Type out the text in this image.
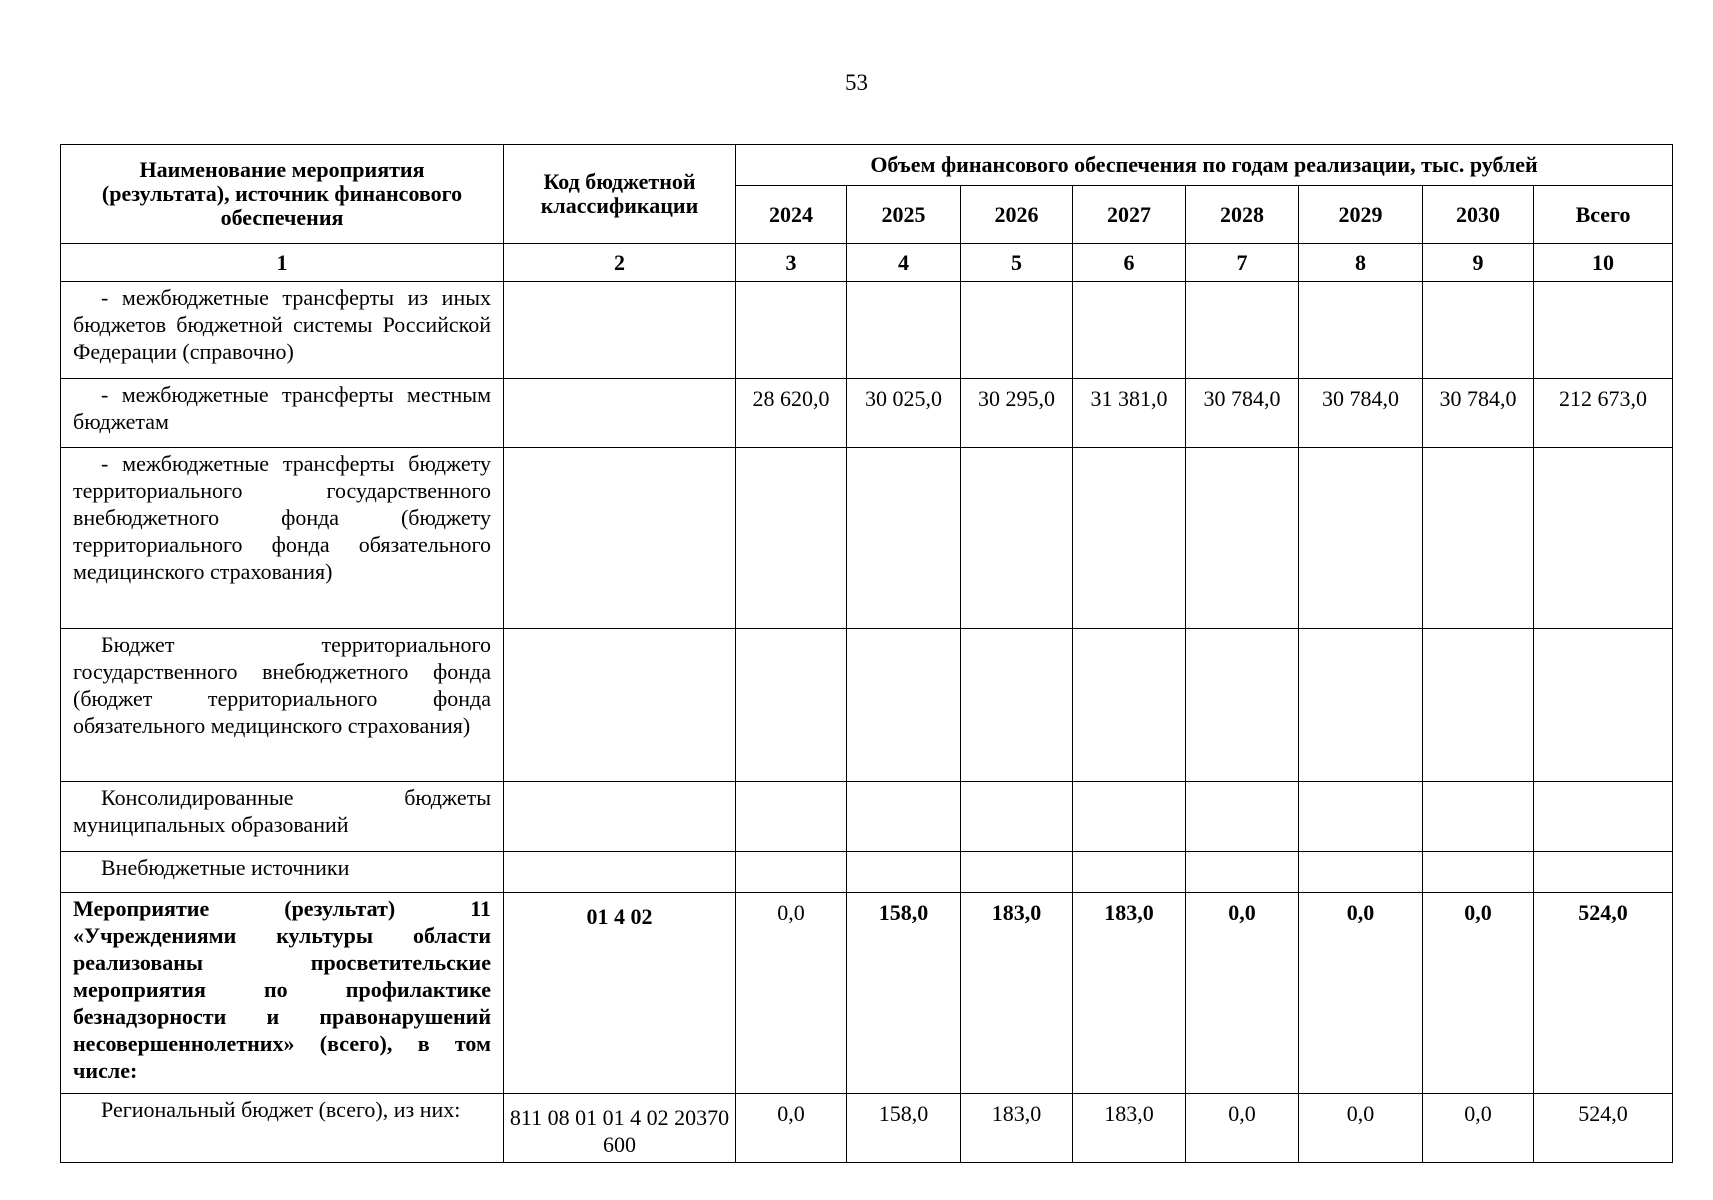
53
Наименование мероприятия (результата), источник финансового обеспечения	Код бюджетной классификации	Объем финансового обеспечения по годам реализации, тыс. рублей							
		2024	2025	2026	2027	2028	2029	2030	Всего
1	2	3	4	5	6	7	8	9	10

- межбюджетные трансферты из иных бюджетов бюджетной системы Российской Федерации (справочно)									

- межбюджетные трансферты местным бюджетам		28 620,0	30 025,0	30 295,0	31 381,0	30 784,0	30 784,0	30 784,0	212 673,0

- межбюджетные трансферты бюджету территориального государственного внебюджетного фонда (бюджету территориального фонда обязательного медицинского страхования)									

Бюджет территориального государственного внебюджетного фонда (бюджет территориального фонда обязательного медицинского страхования)									

Консолидированные бюджеты муниципальных образований									

Внебюджетные источники									

Мероприятие (результат) 11 «Учреждениями культуры области реализованы просветительские мероприятия по профилактике безнадзорности и правонарушений несовершеннолетних» (всего), в том числе:	01 4 02	0,0	158,0	183,0	183,0	0,0	0,0	0,0	524,0

Региональный бюджет (всего), из них:	811 08 01 01 4 02 20370 600	0,0	158,0	183,0	183,0	0,0	0,0	0,0	524,0
